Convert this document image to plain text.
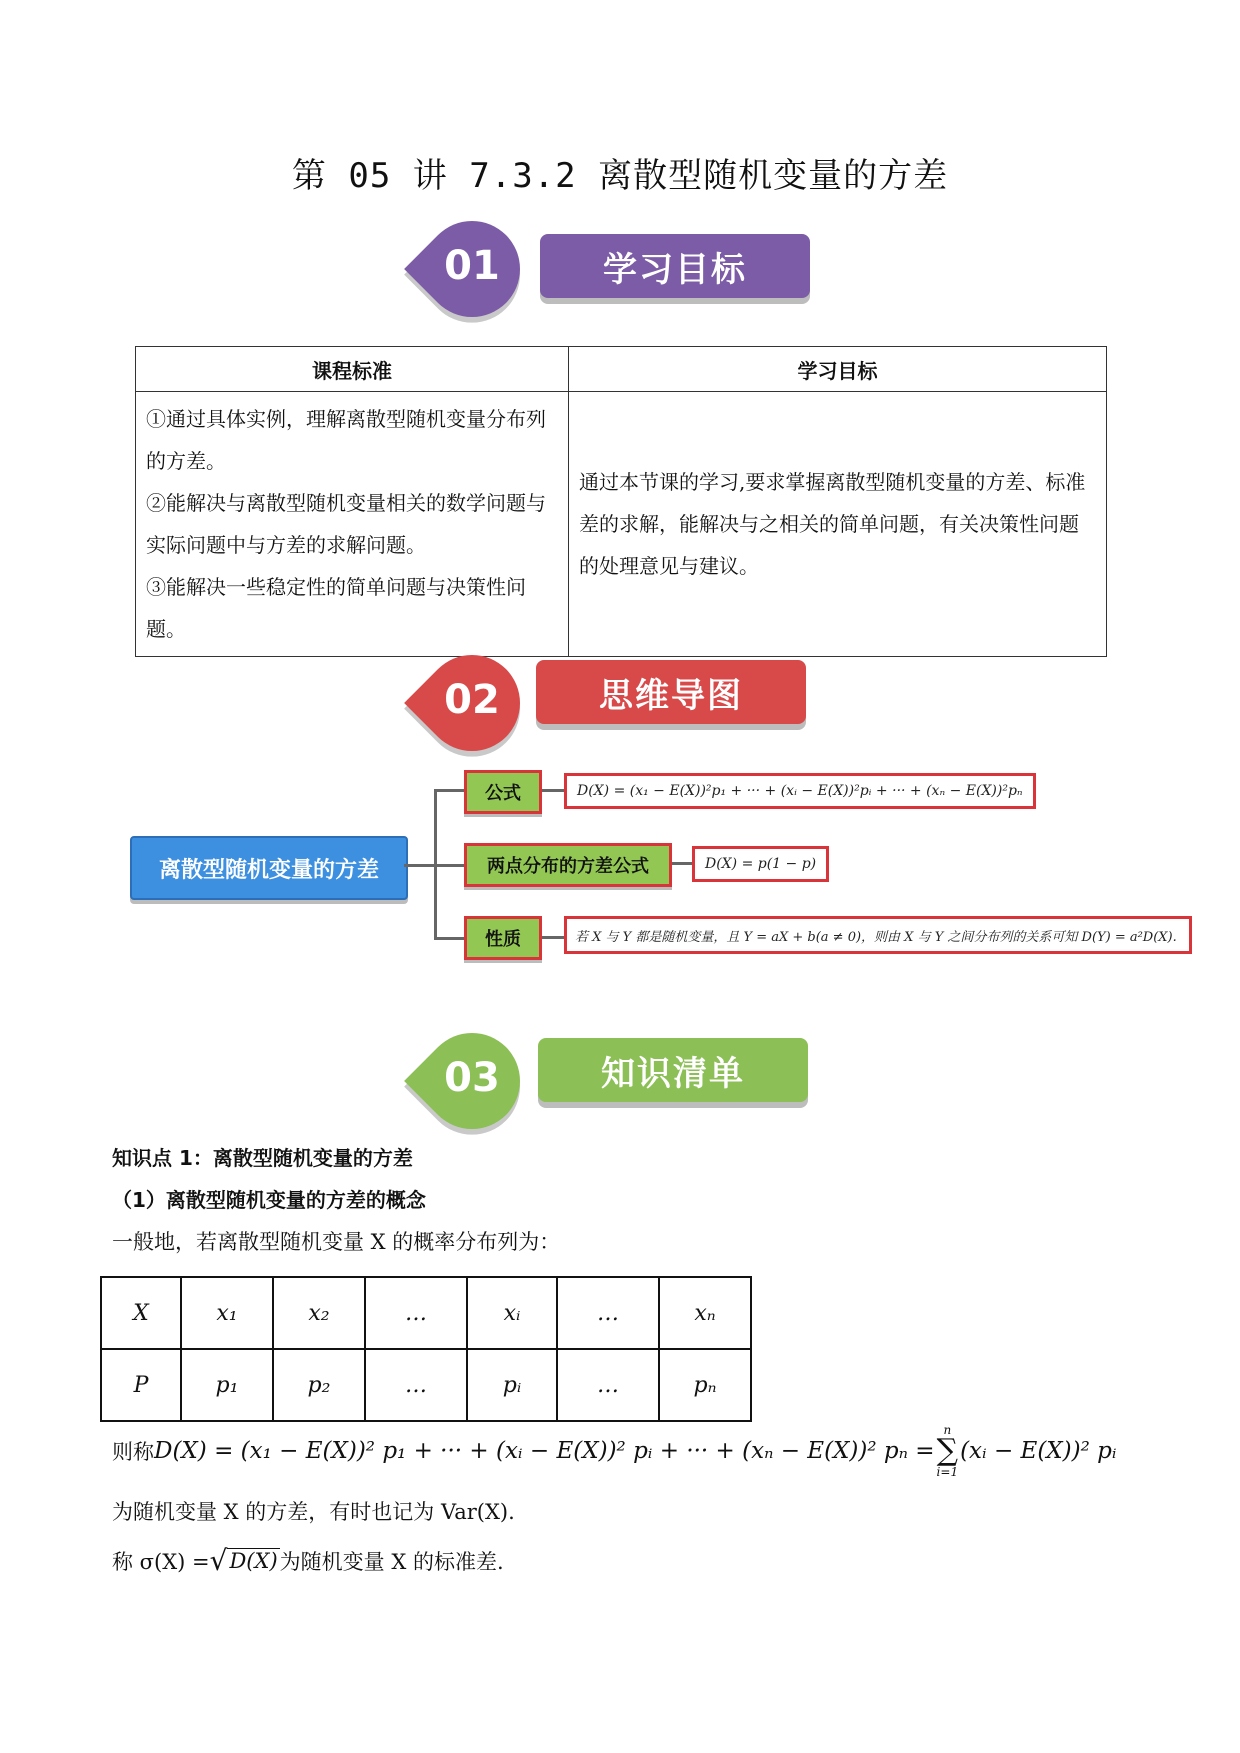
第 05 讲 7.3.2 离散型随机变量的方差
01	学习目标
课程标准	学习目标

①通过具体实例，理解离散型随机变量分布列的方差。
②能解决与离散型随机变量相关的数学问题与实际问题中与方差的求解问题。
③能解决一些稳定性的简单问题与决策性问题。	通过本节课的学习,要求掌握离散型随机变量的方差、标准差的求解，能解决与之相关的简单问题，有关决策性问题的处理意见与建议。
02	思维导图
离散型随机变量的方差
公式	D(X) = (x₁ − E(X))²p₁ + ··· + (xᵢ − E(X))²pᵢ + ··· + (xₙ − E(X))²pₙ
两点分布的方差公式	D(X) = p(1 − p)
性质	若 X 与 Y 都是随机变量，且 Y = aX + b(a ≠ 0)，则由 X 与 Y 之间分布列的关系可知 D(Y) = a²D(X).
03	知识清单
知识点 1：离散型随机变量的方差
（1）离散型随机变量的方差的概念
一般地，若离散型随机变量 X 的概率分布列为：
X	x₁	x₂	…	xᵢ	…	xₙ
P	p₁	p₂	…	pᵢ	…	pₙ
则称 D(X) = (x₁ − E(X))² p₁ + ··· + (xᵢ − E(X))² pᵢ + ··· + (xₙ − E(X))² pₙ =
n
∑
i=1
(xᵢ − E(X))² pᵢ
为随机变量 X 的方差，有时也记为 Var(X).
称 σ(X) = √ D(X) 为随机变量 X 的标准差.
